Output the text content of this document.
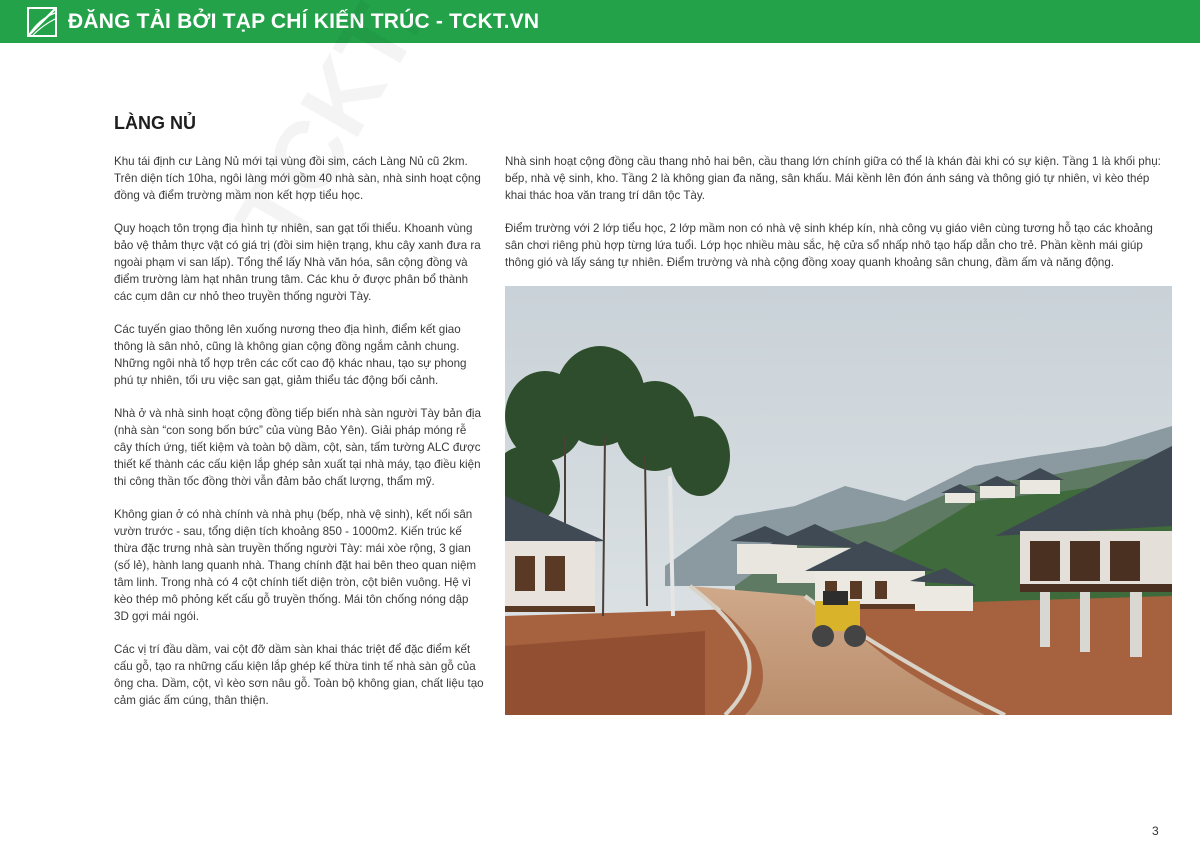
ĐĂNG TẢI BỞI TẠP CHÍ KIẾN TRÚC - TCKT.VN
LÀNG NỦ

Khu tái định cư Làng Nủ mới tại vùng đồi sim, cách Làng Nủ cũ 2km. Trên diện tích 10ha, ngôi làng mới gồm 40 nhà sàn, nhà sinh hoạt cộng đồng và điểm trường mầm non kết hợp tiểu học.

Quy hoạch tôn trọng địa hình tự nhiên, san gạt tối thiểu. Khoanh vùng bảo vệ thảm thực vật có giá trị (đồi sim hiện trạng, khu cây xanh đưa ra ngoài phạm vi san lấp). Tổng thể lấy Nhà văn hóa, sân cộng đồng và điểm trường làm hạt nhân trung tâm. Các khu ở được phân bổ thành các cụm dân cư nhỏ theo truyền thống người Tày.

Các tuyến giao thông lên xuống nương theo địa hình, điểm kết giao thông là sân nhỏ, cũng là không gian cộng đồng ngắm cảnh chung. Những ngôi nhà tổ hợp trên các cốt cao độ khác nhau, tạo sự phong phú tự nhiên, tối ưu việc san gạt, giảm thiểu tác động bối cảnh.

Nhà ở và nhà sinh hoạt cộng đồng tiếp biến nhà sàn người Tày bản địa (nhà sàn “con song bốn bức” của vùng Bảo Yên). Giải pháp móng rễ cây thích ứng, tiết kiệm và toàn bộ dầm, cột, sàn, tấm tường ALC được thiết kế thành các cấu kiện lắp ghép sản xuất tại nhà máy, tạo điều kiện thi công thần tốc đồng thời vẫn đảm bảo chất lượng, thẩm mỹ.

Không gian ở có nhà chính và nhà phụ (bếp, nhà vệ sinh), kết nối sân vườn trước - sau, tổng diện tích khoảng 850 - 1000m2. Kiến trúc kế thừa đặc trưng nhà sàn truyền thống người Tày: mái xòe rộng, 3 gian (số lẻ), hành lang quanh nhà. Thang chính đặt hai bên theo quan niệm tâm linh. Trong nhà có 4 cột chính tiết diện tròn, cột biên vuông. Hệ vì kèo thép mô phỏng kết cấu gỗ truyền thống. Mái tôn chống nóng dập 3D gợi mái ngói.

Các vị trí đầu dầm, vai cột đỡ dầm sàn khai thác triệt để đặc điểm kết cấu gỗ, tạo ra những cấu kiện lắp ghép kế thừa tinh tế nhà sàn gỗ của ông cha. Dầm, cột, vì kèo sơn nâu gỗ. Toàn bộ không gian, chất liệu tạo cảm giác ấm cúng, thân thiện.

Nhà sinh hoạt cộng đồng cầu thang nhỏ hai bên, cầu thang lớn chính giữa có thể là khán đài khi có sự kiện. Tầng 1 là khối phụ: bếp, nhà vệ sinh, kho. Tầng 2 là không gian đa năng, sân khấu. Mái kềnh lên đón ánh sáng và thông gió tự nhiên, vì kèo thép khai thác hoa văn trang trí dân tộc Tày.

Điểm trường với 2 lớp tiểu học, 2 lớp mầm non có nhà vệ sinh khép kín, nhà công vụ giáo viên cùng tương hỗ tạo các khoảng sân chơi riêng phù hợp từng lứa tuổi. Lớp học nhiều màu sắc, hệ cửa sổ nhấp nhô tạo hấp dẫn cho trẻ. Phần kềnh mái giúp thông gió và lấy sáng tự nhiên. Điểm trường và nhà cộng đồng xoay quanh khoảng sân chung, đầm ấm và năng động.

3
